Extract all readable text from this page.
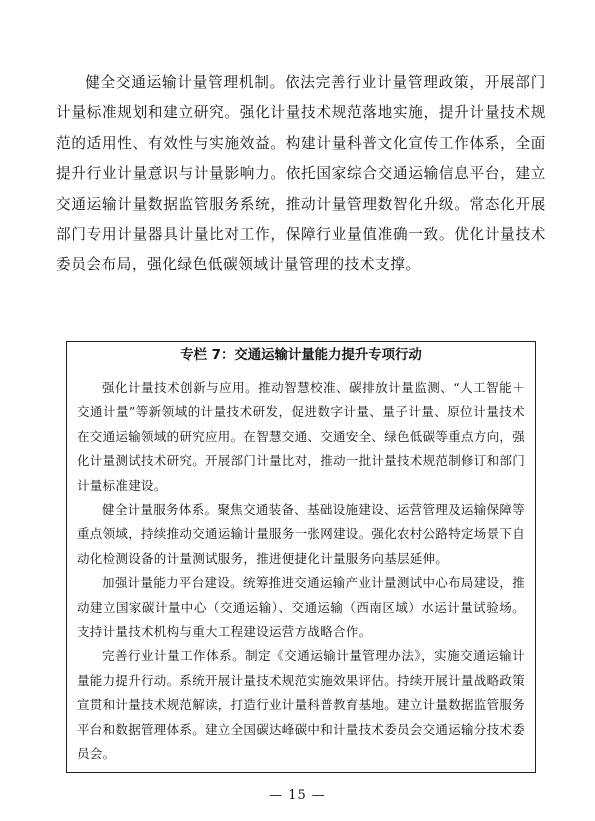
健全交通运输计量管理机制。依法完善行业计量管理政策，开展部门计量标准规划和建立研究。强化计量技术规范落地实施，提升计量技术规范的适用性、有效性与实施效益。构建计量科普文化宣传工作体系，全面提升行业计量意识与计量影响力。依托国家综合交通运输信息平台，建立交通运输计量数据监管服务系统，推动计量管理数智化升级。常态化开展部门专用计量器具计量比对工作，保障行业量值准确一致。优化计量技术委员会布局，强化绿色低碳领域计量管理的技术支撑。

专栏 7：交通运输计量能力提升专项行动

强化计量技术创新与应用。推动智慧校准、碳排放计量监测、“人工智能＋交通计量”等新领域的计量技术研发，促进数字计量、量子计量、原位计量技术在交通运输领域的研究应用。在智慧交通、交通安全、绿色低碳等重点方向，强化计量测试技术研究。开展部门计量比对，推动一批计量技术规范制修订和部门计量标准建设。

健全计量服务体系。聚焦交通装备、基础设施建设、运营管理及运输保障等重点领域，持续推动交通运输计量服务一张网建设。强化农村公路特定场景下自动化检测设备的计量测试服务，推进便捷化计量服务向基层延伸。

加强计量能力平台建设。统筹推进交通运输产业计量测试中心布局建设，推动建立国家碳计量中心（交通运输）、交通运输（西南区域）水运计量试验场。支持计量技术机构与重大工程建设运营方战略合作。

完善行业计量工作体系。制定《交通运输计量管理办法》，实施交通运输计量能力提升行动。系统开展计量技术规范实施效果评估。持续开展计量战略政策宣贯和计量技术规范解读，打造行业计量科普教育基地。建立计量数据监管服务平台和数据管理体系。建立全国碳达峰碳中和计量技术委员会交通运输分技术委员会。

— 15 —
